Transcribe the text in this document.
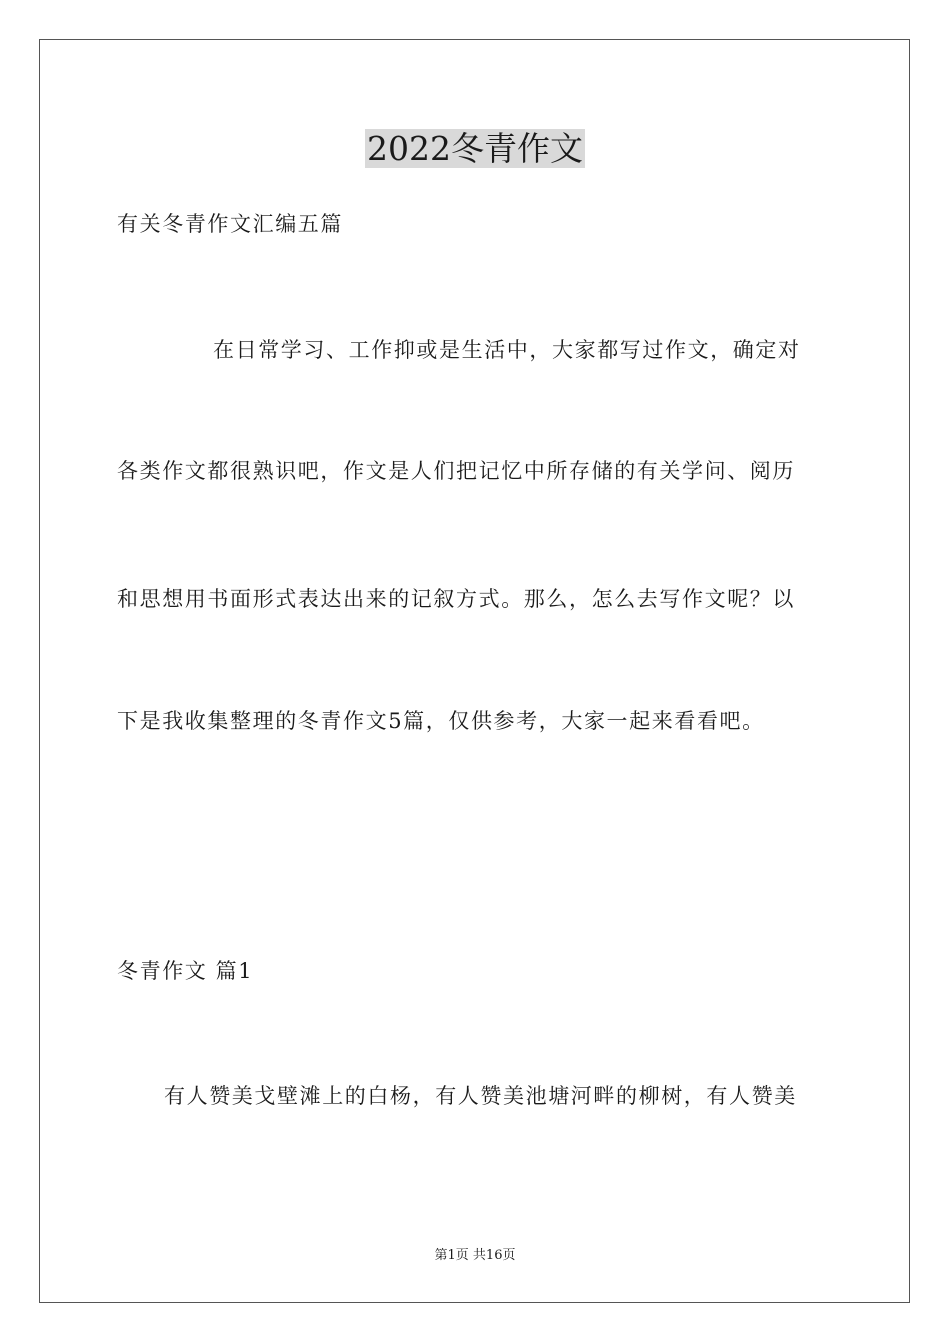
2022冬青作文
有关冬青作文汇编五篇
在日常学习、工作抑或是生活中，大家都写过作文，确定对
各类作文都很熟识吧，作文是人们把记忆中所存储的有关学问、阅历
和思想用书面形式表达出来的记叙方式。那么，怎么去写作文呢？以
下是我收集整理的冬青作文5篇，仅供参考，大家一起来看看吧。
冬青作文 篇1
有人赞美戈壁滩上的白杨，有人赞美池塘河畔的柳树，有人赞美
第1页 共16页
